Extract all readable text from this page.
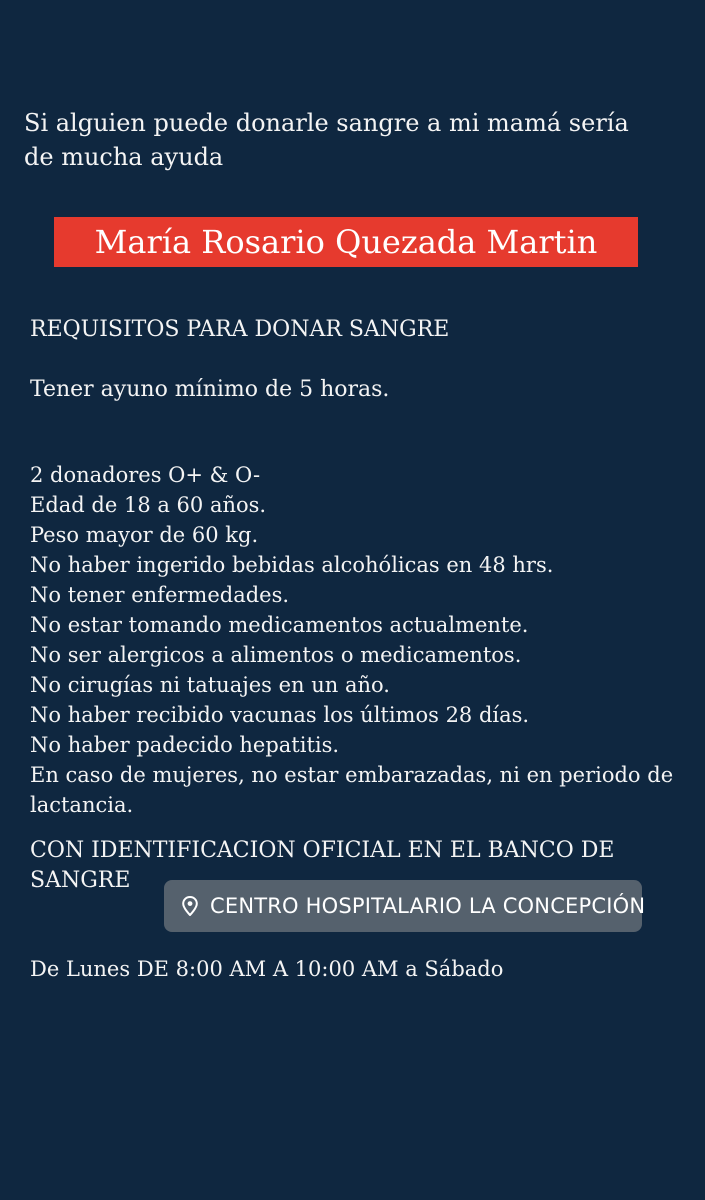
Si alguien puede donarle sangre a mi mamá sería de mucha ayuda

María Rosario Quezada Martin
REQUISITOS PARA DONAR SANGRE

Tener ayuno mínimo de 5 horas.

2 donadores O+ & O-
Edad de 18 a 60 años.
Peso mayor de 60 kg.
No haber ingerido bebidas alcohólicas en 48 hrs.
No tener enfermedades.
No estar tomando medicamentos actualmente.
No ser alergicos a alimentos o medicamentos.
No cirugías ni tatuajes en un año.
No haber recibido vacunas los últimos 28 días.
No haber padecido hepatitis.
En caso de mujeres, no estar embarazadas, ni en periodo de lactancia.

CON IDENTIFICACION OFICIAL EN EL BANCO DE SANGRE

CENTRO HOSPITALARIO LA CONCEPCIÓN

De Lunes DE 8:00 AM A 10:00 AM a Sábado
